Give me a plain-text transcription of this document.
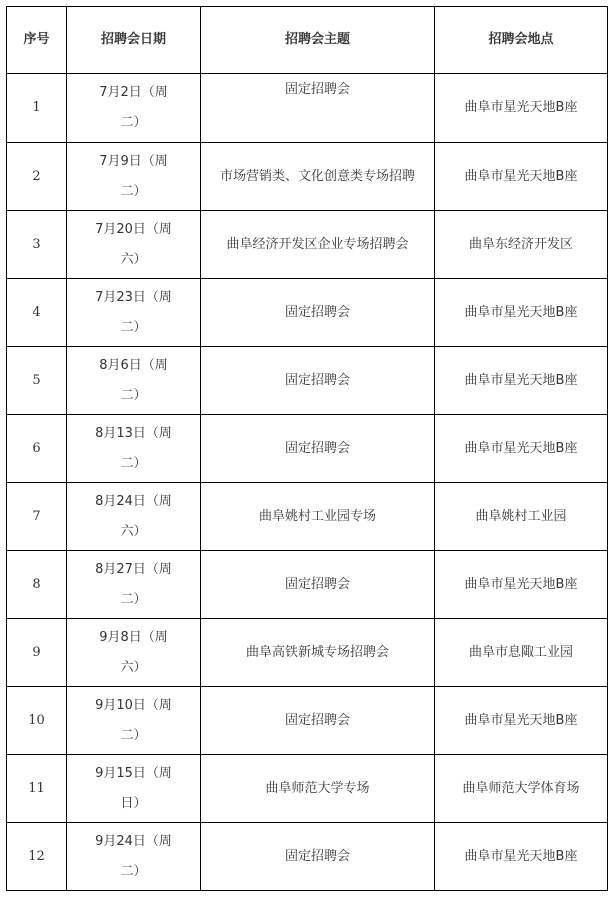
序号	招聘会日期	招聘会主题	招聘会地点
1	7月2日（周二）	固定招聘会	曲阜市星光天地B座

2	7月9日（周二）	市场营销类、文化创意类专场招聘	曲阜市星光天地B座

3	7月20日（周六）	曲阜经济开发区企业专场招聘会	曲阜东经济开发区

4	7月23日（周二）	固定招聘会	曲阜市星光天地B座

5	8月6日（周二）	固定招聘会	曲阜市星光天地B座

6	8月13日（周二）	固定招聘会	曲阜市星光天地B座

7	8月24日（周六）	曲阜姚村工业园专场	曲阜姚村工业园

8	8月27日（周二）	固定招聘会	曲阜市星光天地B座

9	9月8日（周六）	曲阜高铁新城专场招聘会	曲阜市息陬工业园

10	9月10日（周二）	固定招聘会	曲阜市星光天地B座

11	9月15日（周日）	曲阜师范大学专场	曲阜师范大学体育场

12	9月24日（周二）	固定招聘会	曲阜市星光天地B座
